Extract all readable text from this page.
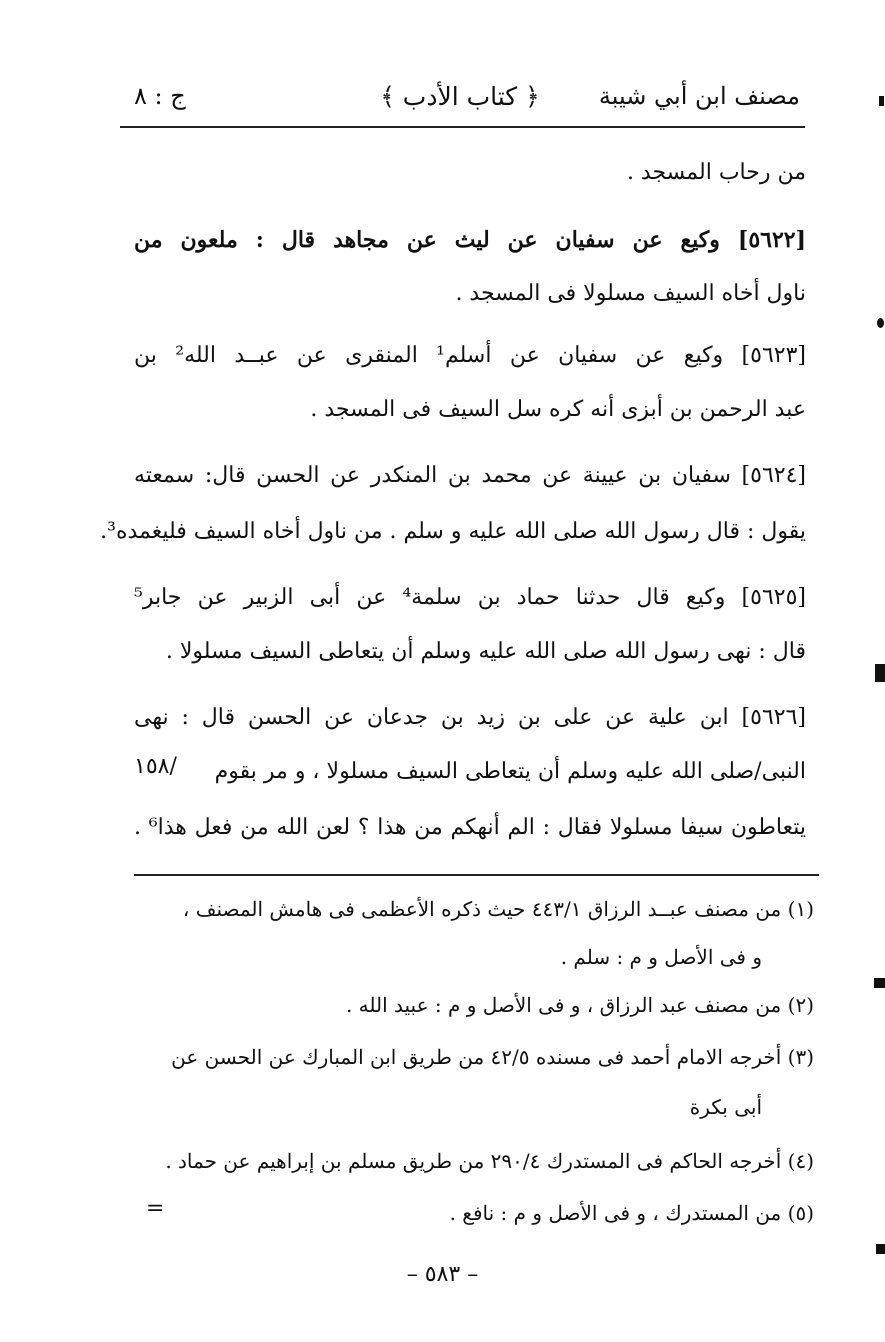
مصنف ابن أبي شيبة
﴿ كتاب الأدب ﴾
ج : ٨
من رحاب المسجد .
[٥٦٢٢] وكيع عن سفيان عن ليث عن مجاهد قال : ملعون من
ناول أخاه السيف مسلولا فى المسجد .
[٥٦٢٣] وكيع عن سفيان عن أسلم¹ المنقرى عن عبــد الله² بن
عبد الرحمن بن أبزى أنه كره سل السيف فى المسجد .
[٥٦٢٤] سفيان بن عيينة عن محمد بن المنكدر عن الحسن قال: سمعته
يقول : قال رسول الله صلى الله عليه و سلم . من ناول أخاه السيف فليغمده³.
[٥٦٢٥] وكيع قال حدثنا حماد بن سلمة⁴ عن أبى الزبير عن جابر⁵
قال : نهى رسول الله صلى الله عليه وسلم أن يتعاطى السيف مسلولا .
[٥٦٢٦] ابن علية عن على بن زيد بن جدعان عن الحسن قال : نهى
النبى/صلى الله عليه وسلم أن يتعاطى السيف مسلولا ، و مر بقوم
/١٥٨
يتعاطون سيفا مسلولا فقال : الم أنهكم من هذا ؟ لعن الله من فعل هذا⁶ .
(١) من مصنف عبــد الرزاق ٤٤٣/١ حيث ذكره الأعظمى فى هامش المصنف ،
و فى الأصل و م : سلم .
(٢) من مصنف عبد الرزاق ، و فى الأصل و م : عبيد الله .
(٣) أخرجه الامام أحمد فى مسنده ٤٢/٥ من طريق ابن المبارك عن الحسن عن
أبى بكرة
(٤) أخرجه الحاكم فى المستدرك ٢٩٠/٤ من طريق مسلم بن إبراهيم عن حماد .
(٥) من المستدرك ، و فى الأصل و م : نافع .
=
– ٥٨٣ –
